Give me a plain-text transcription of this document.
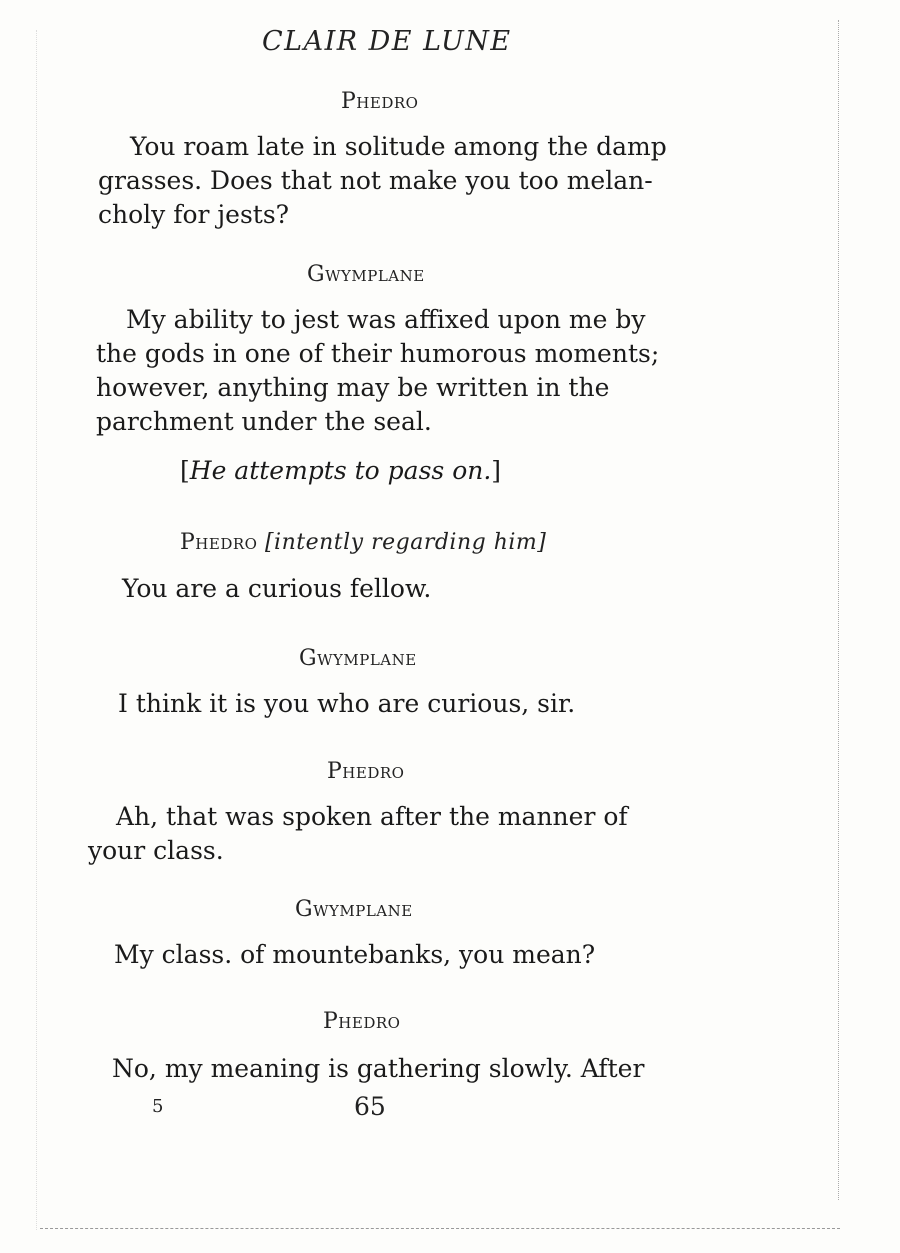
CLAIR DE LUNE
Phedro
You roam late in solitude among the damp
grasses. Does that not make you too melan-
choly for jests?
Gwymplane
My ability to jest was affixed upon me by
the gods in one of their humorous moments;
however, anything may be written in the
parchment under the seal.
[He attempts to pass on.]
Phedro [intently regarding him]
You are a curious fellow.
Gwymplane
I think it is you who are curious, sir.
Phedro
Ah, that was spoken after the manner of
your class.
Gwymplane
My class. of mountebanks, you mean?
Phedro
No, my meaning is gathering slowly. After
5	65
